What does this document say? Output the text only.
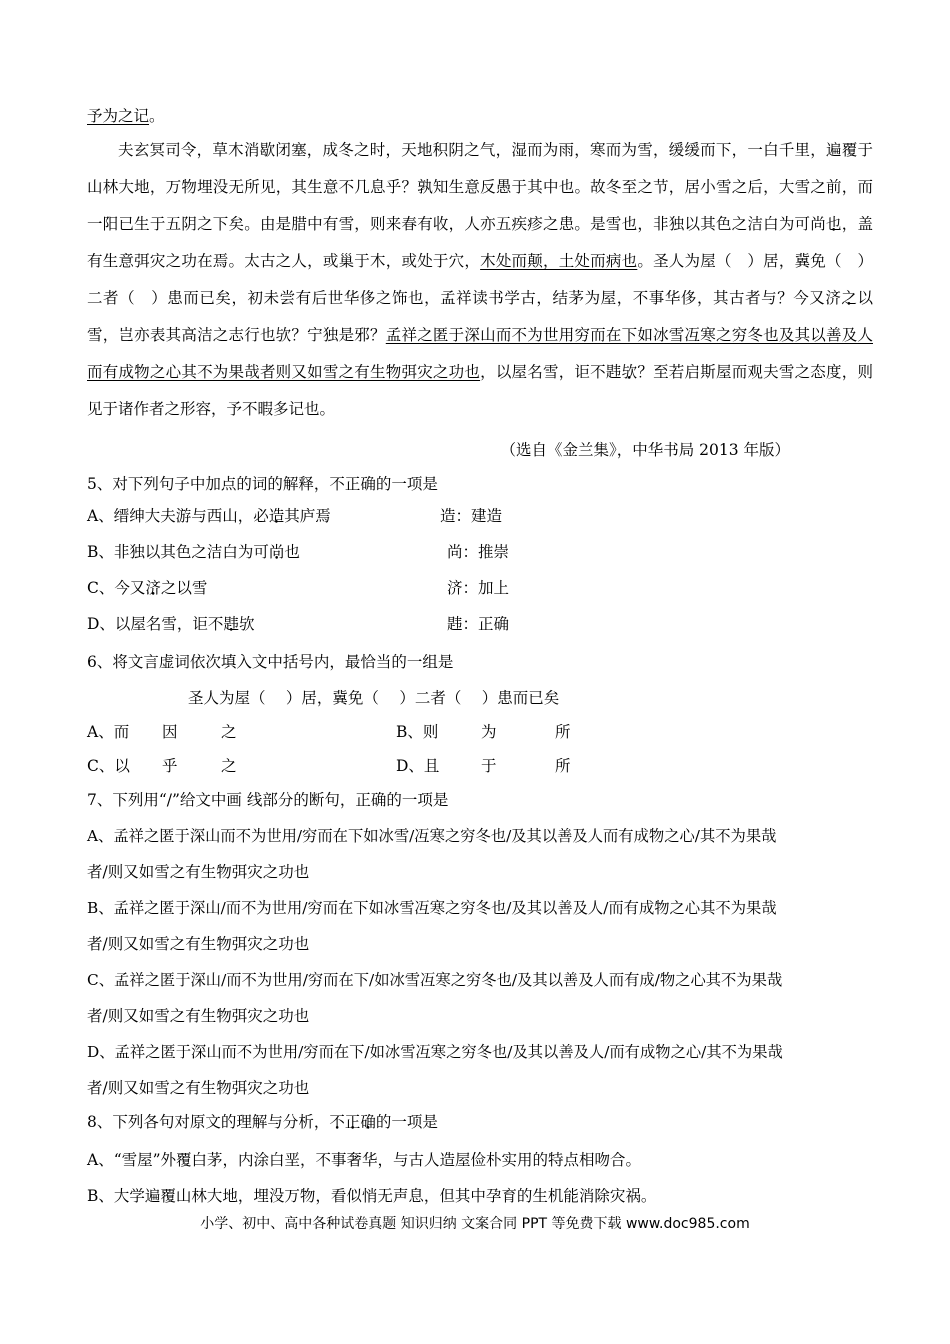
予为之记。
夫玄冥司令，草木消歇闭塞，成冬之时，天地积阴之气，湿而为雨，寒而为雪，缓缓而下，一白千里，遍覆于山林大地，万物埋没无所见，其生意不几息乎？孰知生意反愚于其中也。故冬至之节，居小雪之后，大雪之前，而一阳已生于五阴之下矣。由是腊中有雪，则来春有收，人亦五疾疹之患。是雪也，非独以其色之洁白为可尚也，盖有生意弭灾之功在焉。太古之人，或巢于木，或处于穴，木处而颠，土处而病也。圣人为屋（　）居，冀免（　）二者（　）患而已矣，初未尝有后世华侈之饰也，孟祥读书学古，结茅为屋，不事华侈，其古者与？今又济之以雪，岂亦表其高洁之志行也欤？宁独是邪？孟祥之匿于深山而不为世用穷而在下如冰雪冱寒之穷冬也及其以善及人而有成物之心其不为果哉者则又如雪之有生物弭灾之功也，以屋名雪，讵不韪欤？至若启斯屋而观夫雪之态度，则见于诸作者之形容，予不暇多记也。
（选自《金兰集》，中华书局 2013 年版）
5、对下列句子中加点的词的解释，不正确的一项是
A、缙绅大夫游与西山，必造其庐焉	造：建造
B、非独以其色之洁白为可尚也	尚：推崇
C、今又济之以雪	济：加上
D、以屋名雪，讵不韪欤	韪：正确
6、将文言虚词依次填入文中括号内，最恰当的一组是
圣人为屋（　 ）居，冀免（　 ）二者（　 ）患而已矣
A、而 因	之	B、则	为	所
C、以 乎	之	D、且	于	所
7、下列用“/”给文中画 线部分的断句，正确的一项是
A、孟祥之匿于深山而不为世用/穷而在下如冰雪/冱寒之穷冬也/及其以善及人而有成物之心/其不为果哉
者/则又如雪之有生物弭灾之功也
B、孟祥之匿于深山/而不为世用/穷而在下如冰雪冱寒之穷冬也/及其以善及人/而有成物之心其不为果哉
者/则又如雪之有生物弭灾之功也
C、孟祥之匿于深山/而不为世用/穷而在下/如冰雪冱寒之穷冬也/及其以善及人而有成/物之心其不为果哉
者/则又如雪之有生物弭灾之功也
D、孟祥之匿于深山而不为世用/穷而在下/如冰雪冱寒之穷冬也/及其以善及人/而有成物之心/其不为果哉
者/则又如雪之有生物弭灾之功也
8、下列各句对原文的理解与分析，不正确的一项是
A、“雪屋”外覆白茅，内涂白垩，不事奢华，与古人造屋俭朴实用的特点相吻合。
B、大学遍覆山林大地，埋没万物，看似悄无声息，但其中孕育的生机能消除灾祸。
小学、初中、高中各种试卷真题 知识归纳 文案合同 PPT 等免费下载 www.doc985.com
